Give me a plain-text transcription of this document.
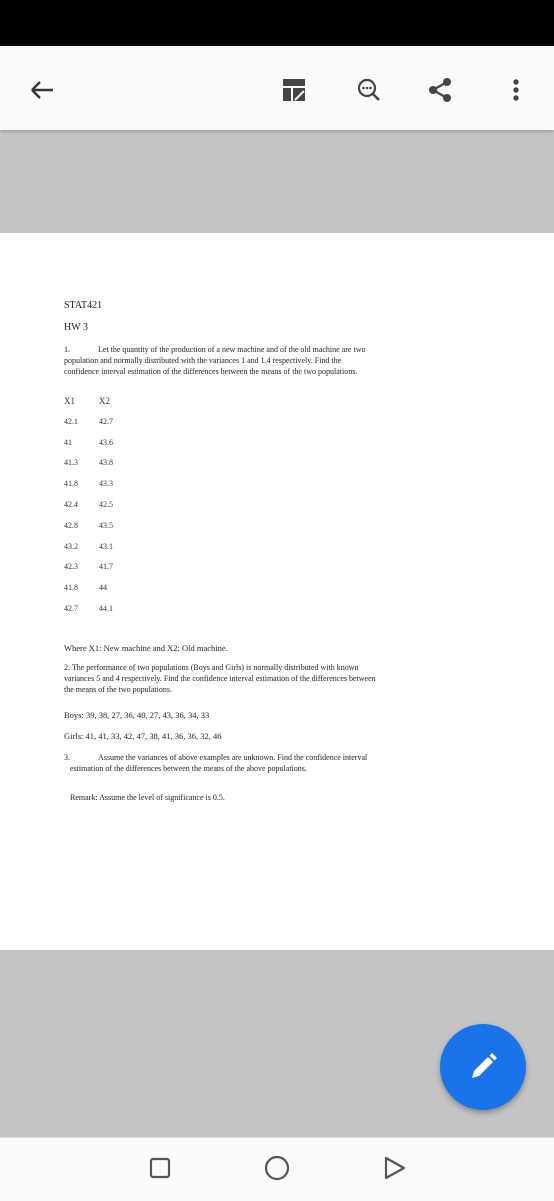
STAT421
HW 3
1.	Let the quantity of the production of a new machine and of the old machine are two
population and normally distributed with the variances 1 and 1.4 respectively. Find the
confidence interval estimation of the differences between the means of the two populations.
X1	X2
42.1	42.7
41	43.6
41.3	43.8
41.8	43.3
42.4	42.5
42.8	43.5
43.2	43.1
42.3	41.7
41.8	44
42.7	44.1
Where X1: New machine and X2: Old machine.
2. The performance of two populations (Boys and Girls) is normally distributed with known
variances 5 and 4 respectively. Find the confidence interval estimation of the differences between
the means of the two populations.
Boys: 39, 38, 27, 36, 40, 27, 43, 36, 34, 33
Girls: 41, 41, 33, 42, 47, 38, 41, 36, 36, 32, 46
3.	Assume the variances of above examples are unknown. Find the confidence interval
estimation of the differences between the means of the above populations.
Remark: Assume the level of significance is 0.5.
